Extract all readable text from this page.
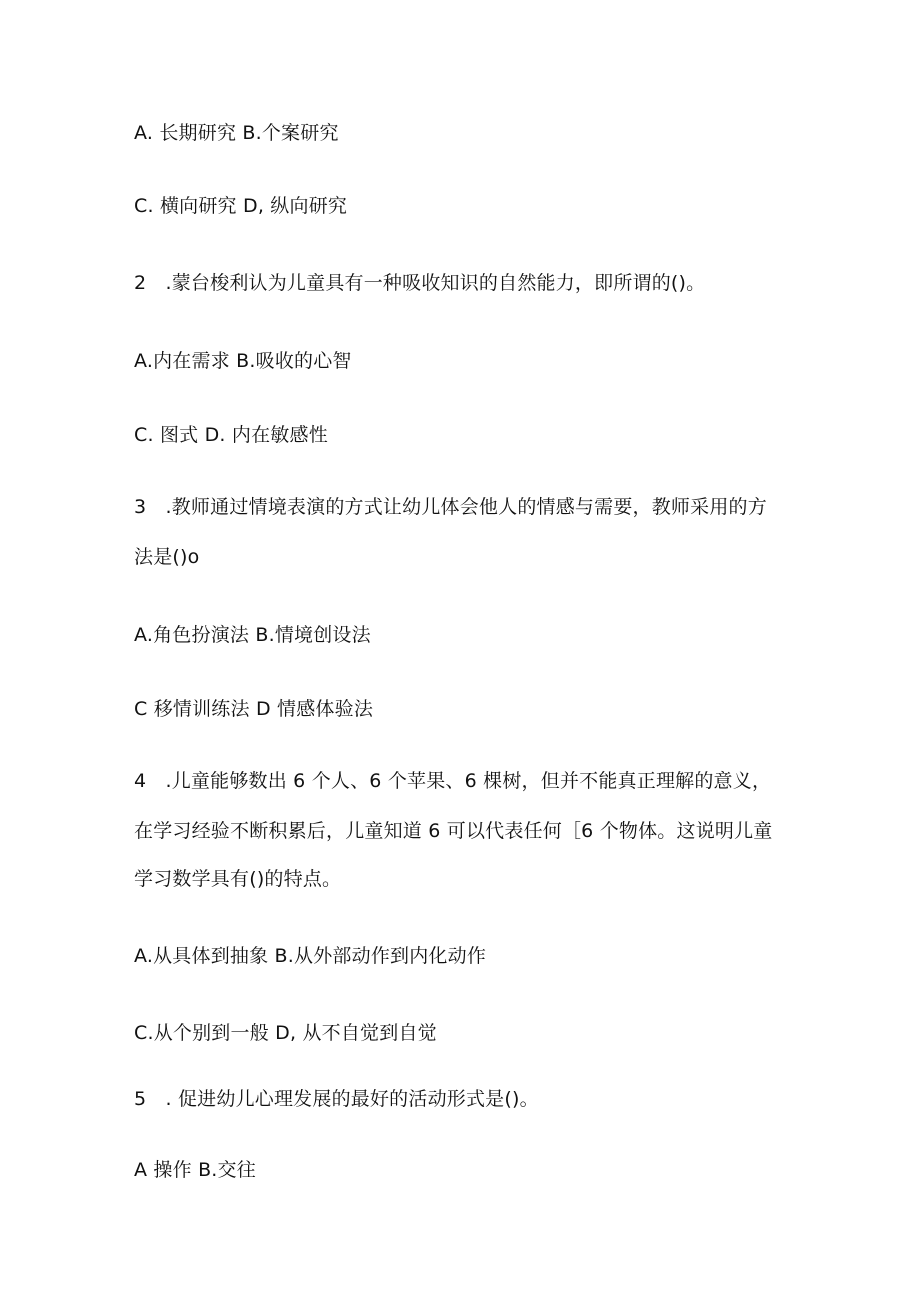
A. 长期研究 B.个案研究
C. 横向研究 D, 纵向研究
2　.蒙台梭利认为儿童具有一种吸收知识的自然能力，即所谓的()。
A.内在需求 B.吸收的心智
C. 图式 D. 内在敏感性
3　.教师通过情境表演的方式让幼儿体会他人的情感与需要，教师采用的方
法是()o
A.角色扮演法 B.情境创设法
C 移情训练法 D 情感体验法
4　.儿童能够数出 6 个人、6 个苹果、6 棵树，但并不能真正理解的意义，
在学习经验不断积累后，儿童知道 6 可以代表任何［6 个物体。这说明儿童
学习数学具有()的特点。
A.从具体到抽象 B.从外部动作到内化动作
C.从个别到一般 D, 从不自觉到自觉
5　. 促进幼儿心理发展的最好的活动形式是()。
A 操作 B.交往
